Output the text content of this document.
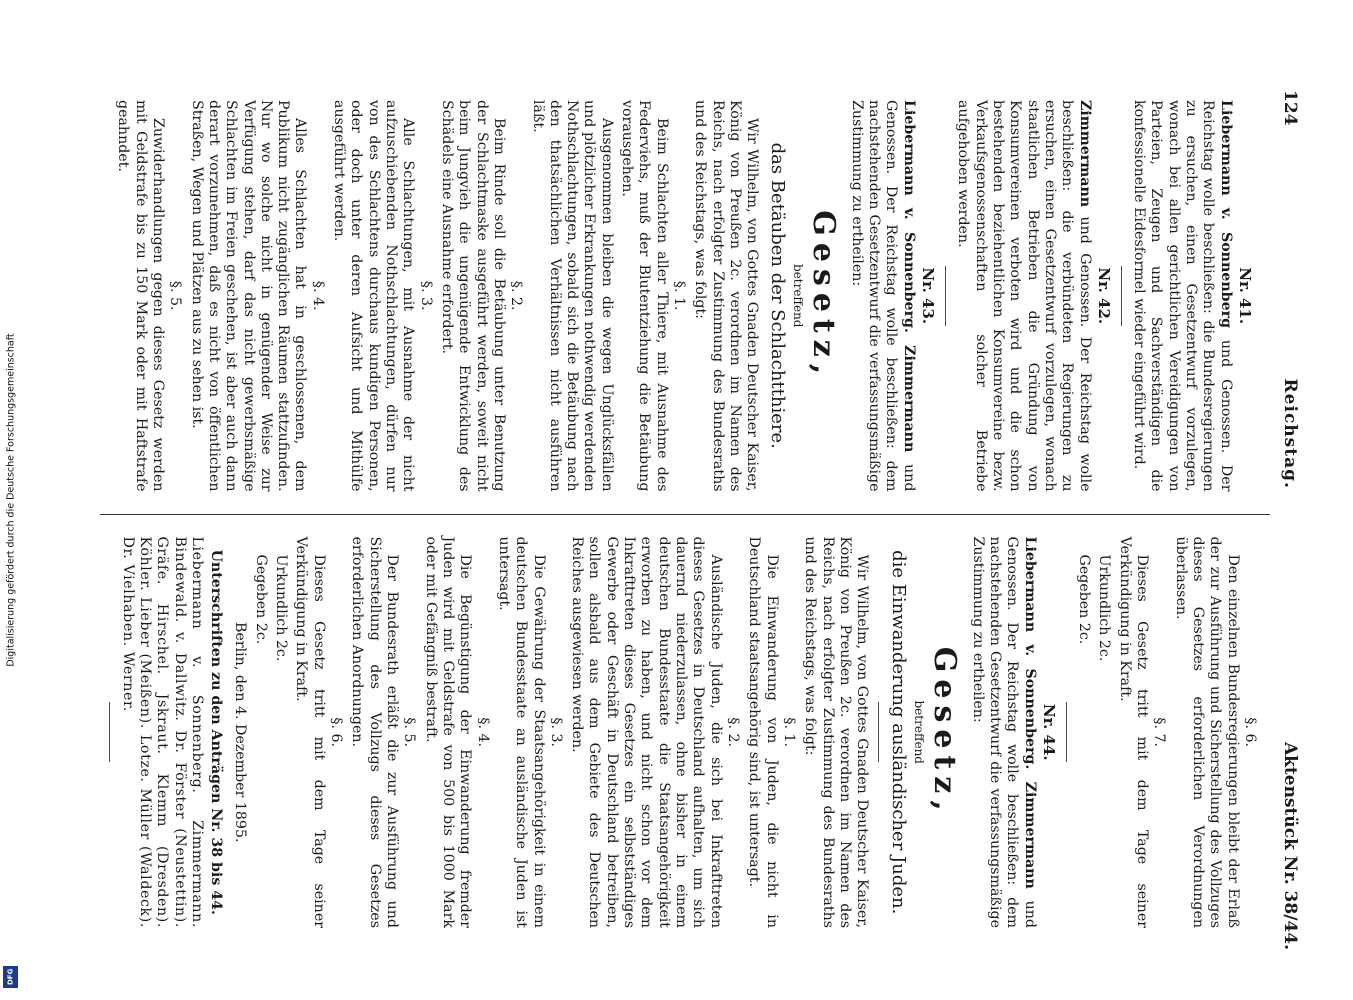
Digitalisierung gefördert durch die Deutsche Forschungsgemeinschaft
DFG
124
Reichstag.
Aktenstück Nr. 38/44.
Nr. 41.

Liebermann v. Sonnenberg und Genossen. Der Reichstag wolle beschließen: die Bundesregierungen zu ersuchen, einen Gesetzentwurf vorzulegen, wonach bei allen gerichtlichen Vereidigungen von Parteien, Zeugen und Sachverständigen die konfessionelle Eidesformel wieder eingeführt wird.

Nr. 42.

Zimmermann und Genossen. Der Reichstag wolle beschließen: die verbündeten Regierungen zu ersuchen, einen Gesetzentwurf vorzulegen, wonach staatlichen Betrieben die Gründung von Konsumvereinen verboten wird und die schon bestehenden beziehentlichen Konsumvereine bezw. Verkaufsgenossenschaften solcher Betriebe aufgehoben werden.

Nr. 43.

Liebermann v. Sonnenberg. Zimmermann und Genossen. Der Reichstag wolle beschließen: dem nachstehenden Gesetzentwurf die verfassungsmäßige Zustimmung zu ertheilen:

Gesetz,
betreffend
das Betäuben der Schlachtthiere.

Wir Wilhelm, von Gottes Gnaden Deutscher Kaiser, König von Preußen 2c. verordnen im Namen des Reichs, nach erfolgter Zustimmung des Bundesraths und des Reichstags, was folgt:

§. 1.

Beim Schlachten aller Thiere, mit Ausnahme des Federviehs, muß der Blutentziehung die Betäubung vorausgehen.

Ausgenommen bleiben die wegen Unglücksfällen und plötzlicher Erkrankungen nothwendig werdenden Nothschlachtungen, sobald sich die Betäubung nach den thatsächlichen Verhältnissen nicht ausführen läßt.

§. 2.

Beim Rinde soll die Betäubung unter Benutzung der Schlachtmaske ausgeführt werden, soweit nicht beim Jungvieh die ungenügende Entwicklung des Schädels eine Ausnahme erfordert.

§. 3.

Alle Schlachtungen, mit Ausnahme der nicht aufzuschiebenden Nothschlachtungen, dürfen nur von des Schlachtens durchaus kundigen Personen, oder doch unter deren Aufsicht und Mithülfe ausgeführt werden.

§. 4.

Alles Schlachten hat in geschlossenen, dem Publikum nicht zugänglichen Räumen stattzufinden. Nur wo solche nicht in genügender Weise zur Verfügung stehen, darf das nicht gewerbsmäßige Schlachten im Freien geschehen, ist aber auch dann derart vorzunehmen, daß es nicht von öffentlichen Straßen, Wegen und Plätzen aus zu sehen ist.

§. 5.

Zuwiderhandlungen gegen dieses Gesetz werden mit Geldstrafe bis zu 150 Mark oder mit Haftstrafe geahndet.

§. 6.

Den einzelnen Bundesregierungen bleibt der Erlaß der zur Ausführung und Sicherstellung des Vollzuges dieses Gesetzes erforderlichen Verordnungen überlassen.

§. 7.

Dieses Gesetz tritt mit dem Tage seiner Verkündigung in Kraft.

Urkundlich 2c.

Gegeben 2c.

Nr. 44.

Liebermann v. Sonnenberg. Zimmermann und Genossen. Der Reichstag wolle beschließen: dem nachstehenden Gesetzentwurf die verfassungsmäßige Zustimmung zu ertheilen:

Gesetz,
betreffend
die Einwanderung ausländischer Juden.

Wir Wilhelm, von Gottes Gnaden Deutscher Kaiser, König von Preußen 2c. verordnen im Namen des Reichs, nach erfolgter Zustimmung des Bundesraths und des Reichstags, was folgt:

§. 1.

Die Einwanderung von Juden, die nicht in Deutschland staatsangehörig sind, ist untersagt.

§. 2.

Ausländische Juden, die sich bei Inkrafttreten dieses Gesetzes in Deutschland aufhalten, um sich dauernd niederzulassen, ohne bisher in einem deutschen Bundesstaate die Staatsangehörigkeit erworben zu haben, und nicht schon vor dem Inkrafttreten dieses Gesetzes ein selbstständiges Gewerbe oder Geschäft in Deutschland betreiben, sollen alsbald aus dem Gebiete des Deutschen Reiches ausgewiesen werden.

§. 3.

Die Gewährung der Staatsangehörigkeit in einem deutschen Bundesstaate an ausländische Juden ist untersagt.

§. 4.

Die Begünstigung der Einwanderung fremder Juden wird mit Geldstrafe von 500 bis 1000 Mark oder mit Gefängniß bestraft.

§. 5.

Der Bundesrath erläßt die zur Ausführung und Sicherstellung des Vollzugs dieses Gesetzes erforderlichen Anordnungen.

§. 6.

Dieses Gesetz tritt mit dem Tage seiner Verkündigung in Kraft.

Urkundlich 2c.

Gegeben 2c.

Berlin, den 4. Dezember 1895.
Unterschriften zu den Anträgen Nr. 38 bis 44.

Liebermann v. Sonnenberg. Zimmermann. Bindewald. v. Dallwitz. Dr. Förster (Neustettin). Gräfe. Hirschel. Jskraut. Klemm (Dresden). Köhler. Lieber (Meißen). Lotze. Müller (Waldeck). Dr. Vielhaben. Werner.
